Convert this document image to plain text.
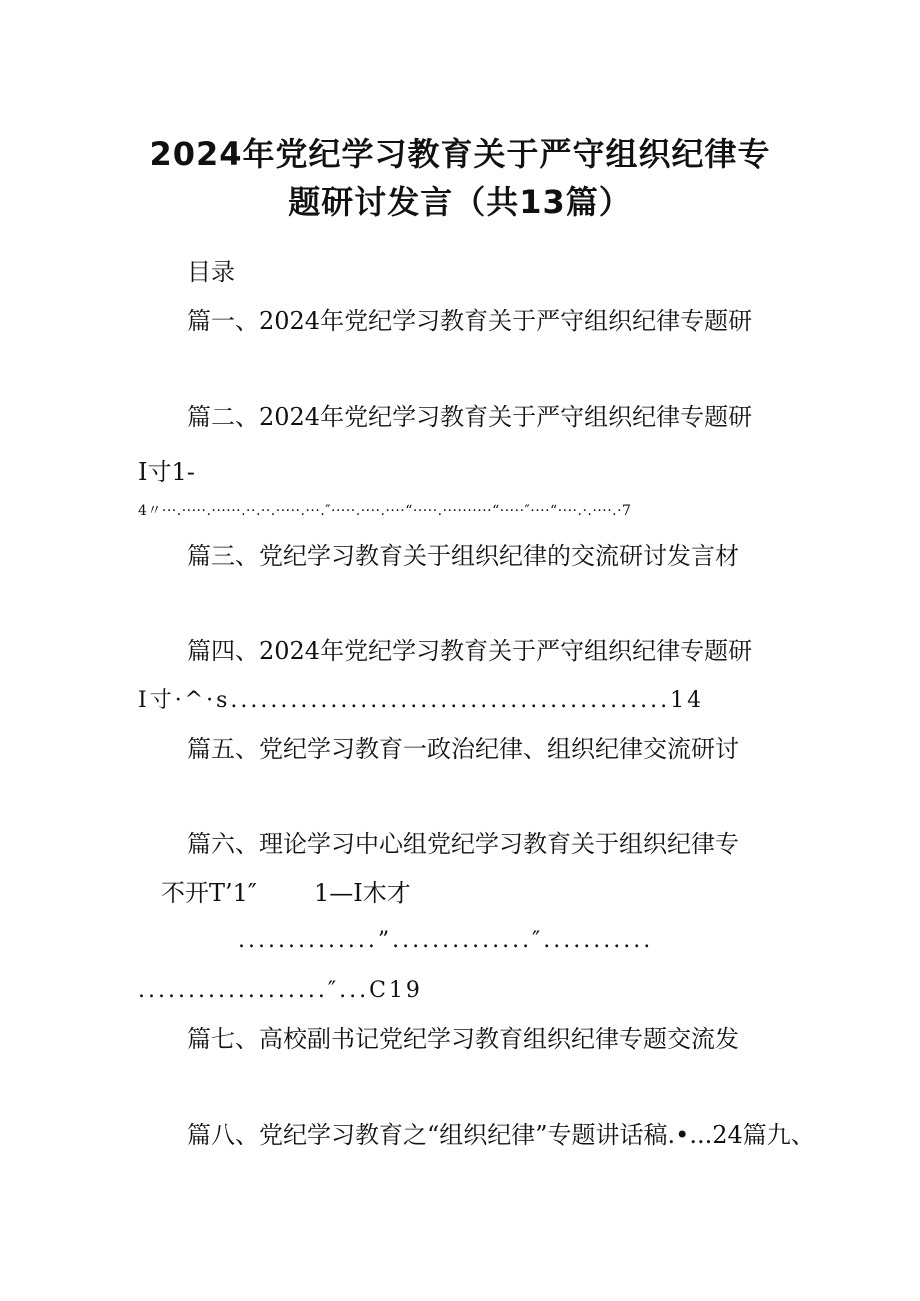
2024年党纪学习教育关于严守组织纪律专
题研讨发言（共13篇）

目录

篇一、2024年党纪学习教育关于严守组织纪律专题研

篇二、2024年党纪学习教育关于严守组织纪律专题研

I寸1-

4〃···.·····.······.··.··.·····.···.″·····.····.····“·····.··········“·····″····“····.·.····.·7

篇三、党纪学习教育关于组织纪律的交流研讨发言材

篇四、2024年党纪学习教育关于严守组织纪律专题研

I寸·^·s............................................14

篇五、党纪学习教育一政治纪律、组织纪律交流研讨

篇六、理论学习中心组党纪学习教育关于组织纪律专

不开T’1″ 1—I木才

..............”..............″...........

...................″...C19

篇七、高校副书记党纪学习教育组织纪律专题交流发

篇八、党纪学习教育之“组织纪律”专题讲话稿.•...24篇九、
